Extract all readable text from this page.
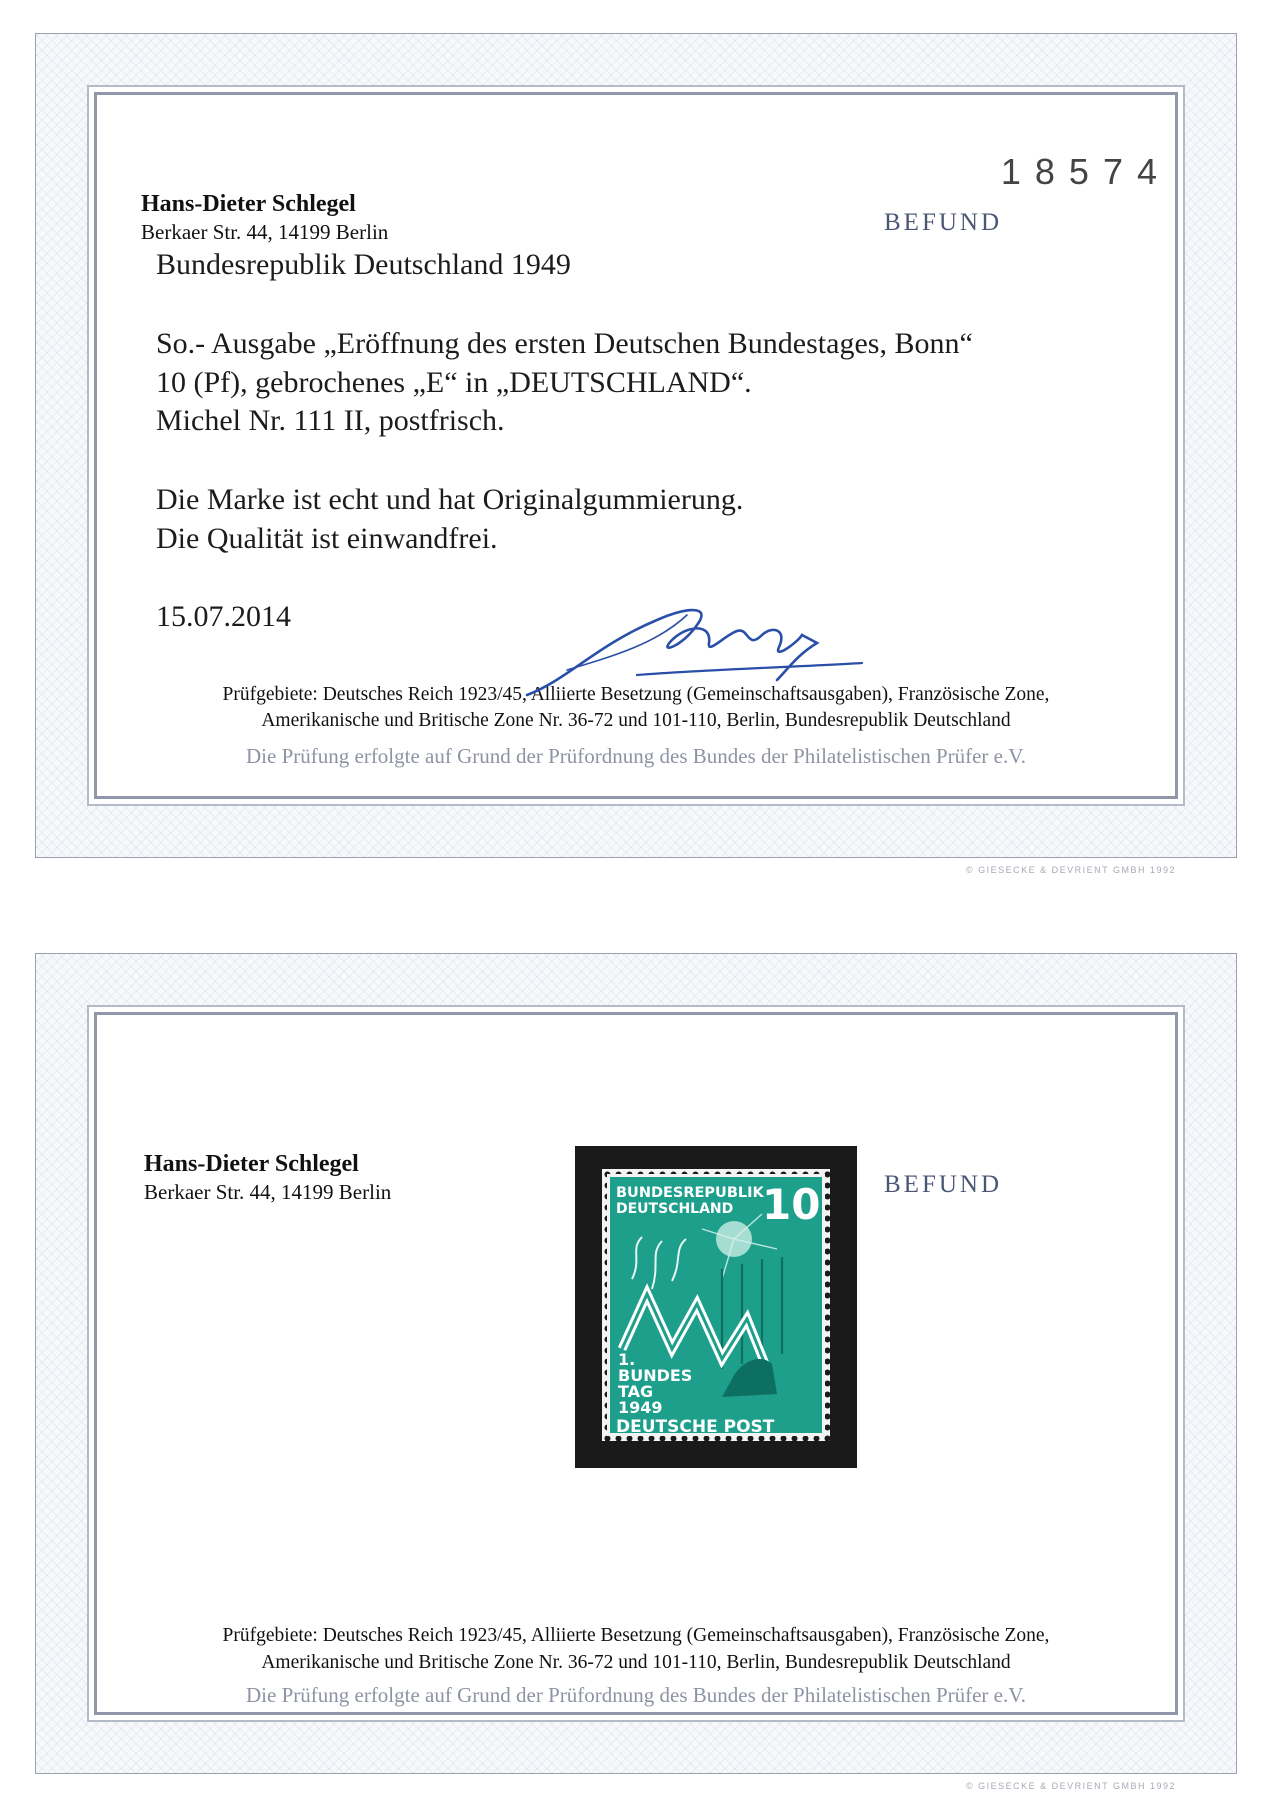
Hans-Dieter Schlegel
Berkaer Str. 44, 14199 Berlin
18574
BEFUND
Bundesrepublik Deutschland 1949
So.- Ausgabe „Eröffnung des ersten Deutschen Bundestages, Bonn“
10 (Pf), gebrochenes „E“ in „DEUTSCHLAND“.
Michel Nr. 111 II, postfrisch.
Die Marke ist echt und hat Originalgummierung.
Die Qualität ist einwandfrei.
15.07.2014
Prüfgebiete: Deutsches Reich 1923/45, Alliierte Besetzung (Gemeinschaftsausgaben), Französische Zone,
Amerikanische und Britische Zone Nr. 36-72 und 101-110, Berlin, Bundesrepublik Deutschland
Die Prüfung erfolgte auf Grund der Prüfordnung des Bundes der Philatelistischen Prüfer e.V.
© GIESECKE & DEVRIENT GMBH 1992
Hans-Dieter Schlegel
Berkaer Str. 44, 14199 Berlin	BEFUND
BUNDESREPUBLIK
DEUTSCHLAND 10
1.
BUNDES
TAG
1949
DEUTSCHE POST
Prüfgebiete: Deutsches Reich 1923/45, Alliierte Besetzung (Gemeinschaftsausgaben), Französische Zone,
Amerikanische und Britische Zone Nr. 36-72 und 101-110, Berlin, Bundesrepublik Deutschland
Die Prüfung erfolgte auf Grund der Prüfordnung des Bundes der Philatelistischen Prüfer e.V.
© GIESECKE & DEVRIENT GMBH 1992
